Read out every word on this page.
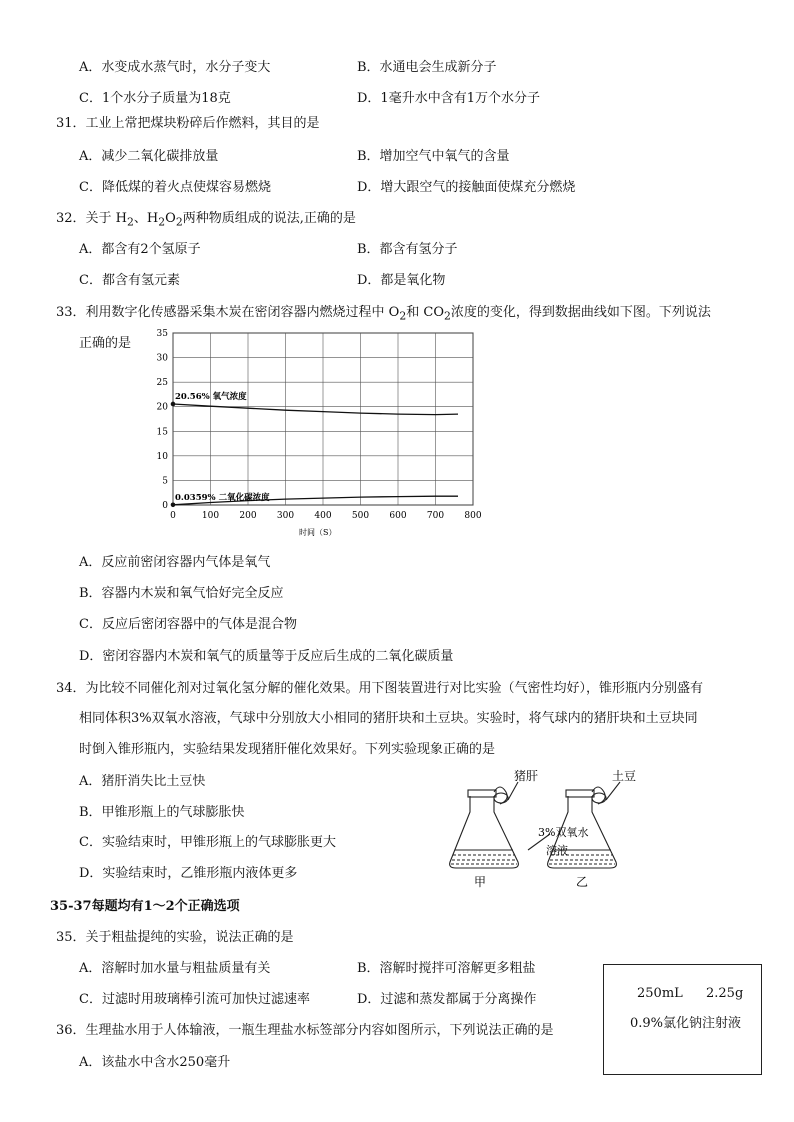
A．水变成水蒸气时，水分子变大	B．水通电会生成新分子
C．1个水分子质量为18克	D．1毫升水中含有1万个水分子
31．工业上常把煤块粉碎后作燃料，其目的是
A．减少二氧化碳排放量	B．增加空气中氧气的含量
C．降低煤的着火点使煤容易燃烧	D．增大跟空气的接触面使煤充分燃烧
32．关于 $H_2$、$H_2O_2$两种物质组成的说法,正确的是
A．都含有2个氢原子	B．都含有氢分子
C．都含有氢元素	D．都是氧化物
33．利用数字化传感器采集木炭在密闭容器内燃烧过程中 $O_2$和 $CO_2$浓度的变化，得到数据曲线如下图。下列说法
正确的是
0	100 200 300 400 500 600 700 800
0
5
10
15
20
25
30
35
时间（S）
20.56% 氧气浓度
0.0359% 二氧化碳浓度
A．反应前密闭容器内气体是氧气
B．容器内木炭和氧气恰好完全反应
C．反应后密闭容器中的气体是混合物
D．密闭容器内木炭和氧气的质量等于反应后生成的二氧化碳质量
34．为比较不同催化剂对过氧化氢分解的催化效果。用下图装置进行对比实验（气密性均好），锥形瓶内分别盛有
相同体积3%双氧水溶液，气球中分别放大小相同的猪肝块和土豆块。实验时，将气球内的猪肝块和土豆块同
时倒入锥形瓶内，实验结果发现猪肝催化效果好。下列实验现象正确的是
A．猪肝消失比土豆快
B．甲锥形瓶上的气球膨胀快
C．实验结束时，甲锥形瓶上的气球膨胀更大
D．实验结束时，乙锥形瓶内液体更多
猪肝	土豆
3%双氧水
溶液
甲	乙
35-37每题均有1～2个正确选项
35．关于粗盐提纯的实验，说法正确的是
A．溶解时加水量与粗盐质量有关	B．溶解时搅拌可溶解更多粗盐
C．过滤时用玻璃棒引流可加快过滤速率	D．过滤和蒸发都属于分离操作
36．生理盐水用于人体输液，一瓶生理盐水标签部分内容如图所示，下列说法正确的是
A．该盐水中含水250毫升
250mL 2.25g
0.9%氯化钠注射液
